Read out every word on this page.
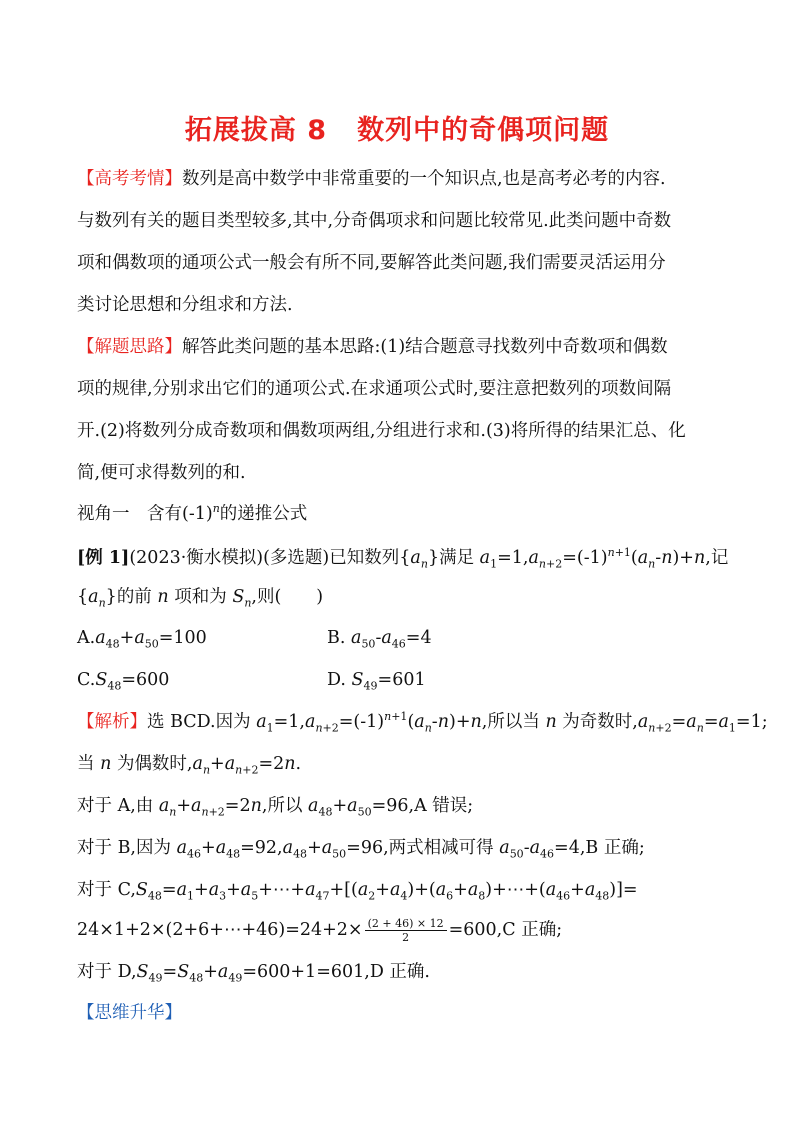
拓展拔高 8 数列中的奇偶项问题
【高考考情】数列是高中数学中非常重要的一个知识点,也是高考必考的内容.
与数列有关的题目类型较多,其中,分奇偶项求和问题比较常见.此类问题中奇数
项和偶数项的通项公式一般会有所不同,要解答此类问题,我们需要灵活运用分
类讨论思想和分组求和方法.
【解题思路】解答此类问题的基本思路:(1)结合题意寻找数列中奇数项和偶数
项的规律,分别求出它们的通项公式.在求通项公式时,要注意把数列的项数间隔
开.(2)将数列分成奇数项和偶数项两组,分组进行求和.(3)将所得的结果汇总、化
简,便可求得数列的和.
视角一　含有$(-1)^n$的递推公式
[例 1](2023·衡水模拟)(多选题)已知数列$\{a_n\}$满足 $a_1=1,a_{n+2}=(-1)^{n+1}(a_n-n)+n$,记
$\{a_n\}$的前 n 项和为 $S_n$,则(　　)
$A.a_{48}+a_{50}=100$	B. $a_{50}-a_{46}=4$
$C.S_{48}=600$	D. $S_{49}=601$
【解析】选 BCD.因为 $a_1=1,a_{n+2}=(-1)^{n+1}(a_n-n)+n$,所以当 n 为奇数时$,a_{n+2}=a_n=a_1=1$;
当 n 为偶数时$,a_n+a_{n+2}=2n$.
对于 A,由 $a_n+a_{n+2}=2n$,所以 $a_{48}+a_{50}=96,A$ 错误;
对于 B,因为 $a_{46}+a_{48}=92,a_{48}+a_{50}=96$,两式相减可得 $a_{50}-a_{46}=4,B$ 正确;
对于 $C,S_{48}=a_1+a_3+a_5+\cdots+a_{47}+[(a_2+a_4)+(a_6+a_8)+\cdots+(a_{46}+a_{48})]=$
24×1+2×(2+6+⋯+46)=24+2× $\frac{(2 + 46) \times 12}{2} =600,C$ 正确;
对于 $D,S_{49}=S_{48}+a_{49}=600+1=601,D$ 正确.
【思维升华】
